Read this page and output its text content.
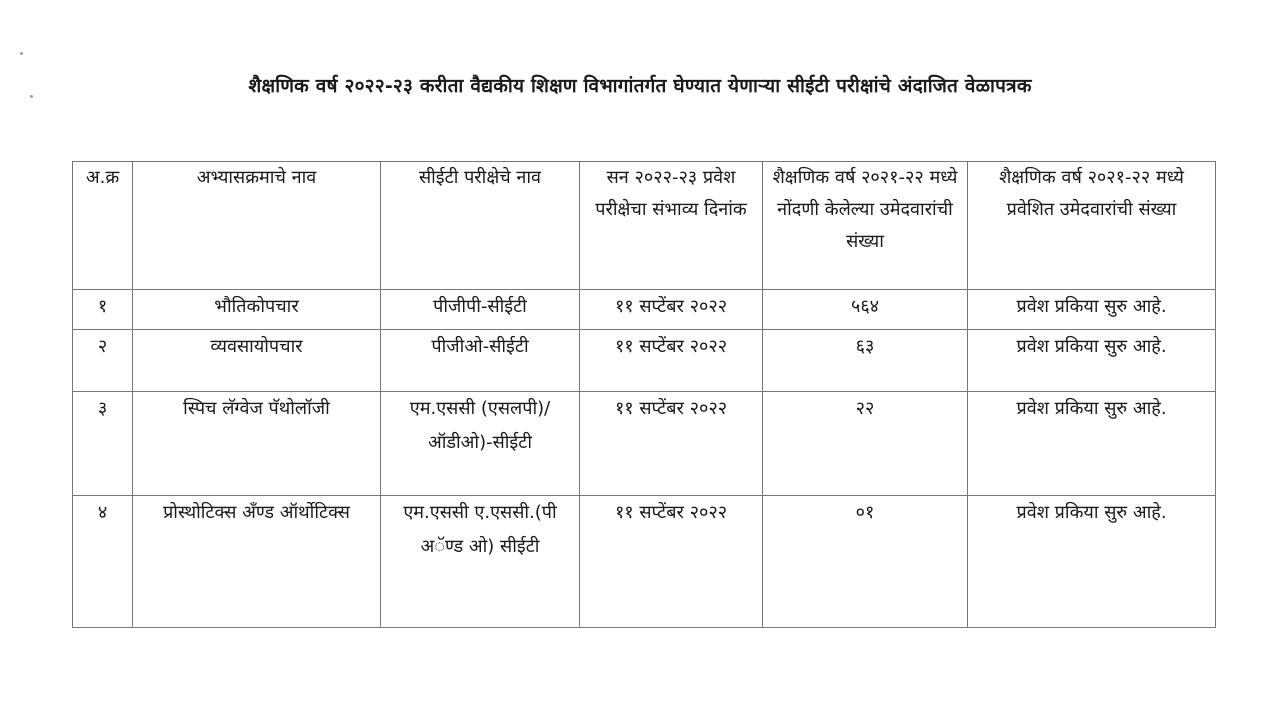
शैक्षणिक वर्ष २०२२-२३ करीता वैद्यकीय शिक्षण विभागांतर्गत घेण्यात येणाऱ्या सीईटी परीक्षांचे अंदाजित वेळापत्रक
अ.क्र	अभ्यासक्रमाचे नाव	सीईटी परीक्षेचे नाव	सन २०२२-२३ प्रवेश परीक्षेचा संभाव्य दिनांक	शैक्षणिक वर्ष २०२१-२२ मध्ये नोंदणी केलेल्या उमेदवारांची संख्या	शैक्षणिक वर्ष २०२१-२२ मध्ये प्रवेशित उमेदवारांची संख्या
१	भौतिकोपचार	पीजीपी-सीईटी	११ सप्टेंबर २०२२	५६४	प्रवेश प्रकिया सुरु आहे.
२	व्यवसायोपचार	पीजीओ-सीईटी	११ सप्टेंबर २०२२	६३	प्रवेश प्रकिया सुरु आहे.
३	स्पिच लॅग्वेज पॅथोलॉजी	एम.एससी (एसलपी)/ऑडीओ)-सीईटी	११ सप्टेंबर २०२२	२२	प्रवेश प्रकिया सुरु आहे.
४	प्रोस्थोटिक्स अँण्ड ऑर्थोटिक्स	एम.एससी ए.एससी.(पी अॅण्ड ओ) सीईटी	११ सप्टेंबर २०२२	०१	प्रवेश प्रकिया सुरु आहे.
